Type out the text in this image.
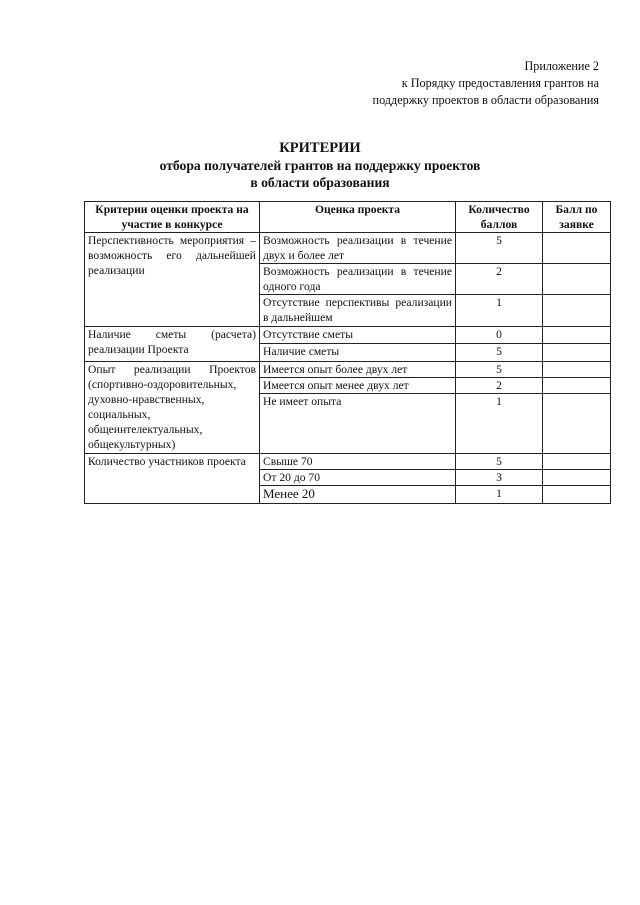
Приложение 2
к Порядку предоставления грантов на
поддержку проектов в области образования
КРИТЕРИИ
отбора получателей грантов на поддержку проектов
в области образования
Критерии оценки проекта на участие в конкурсе	Оценка проекта	Количество баллов	Балл по заявке
Перспективность мероприятия – возможность его дальнейшей реализации	Возможность реализации в течение двух и более лет	5	
	Возможность реализации в течение одного года	2	
	Отсутствие перспективы реализации в дальнейшем	1	
Наличие сметы (расчета) реализации Проекта	Отсутствие сметы	0	
	Наличие сметы	5	
Опыт реализации Проектов (спортивно-оздоровительных, духовно-нравственных, социальных, общеинтелектуальных, общекультурных)	Имеется опыт более двух лет	5	
	Имеется опыт менее двух лет	2	
	Не имеет опыта	1	
Количество участников проекта	Свыше 70	5	
	От 20 до 70	3	
	Менее 20	1	
